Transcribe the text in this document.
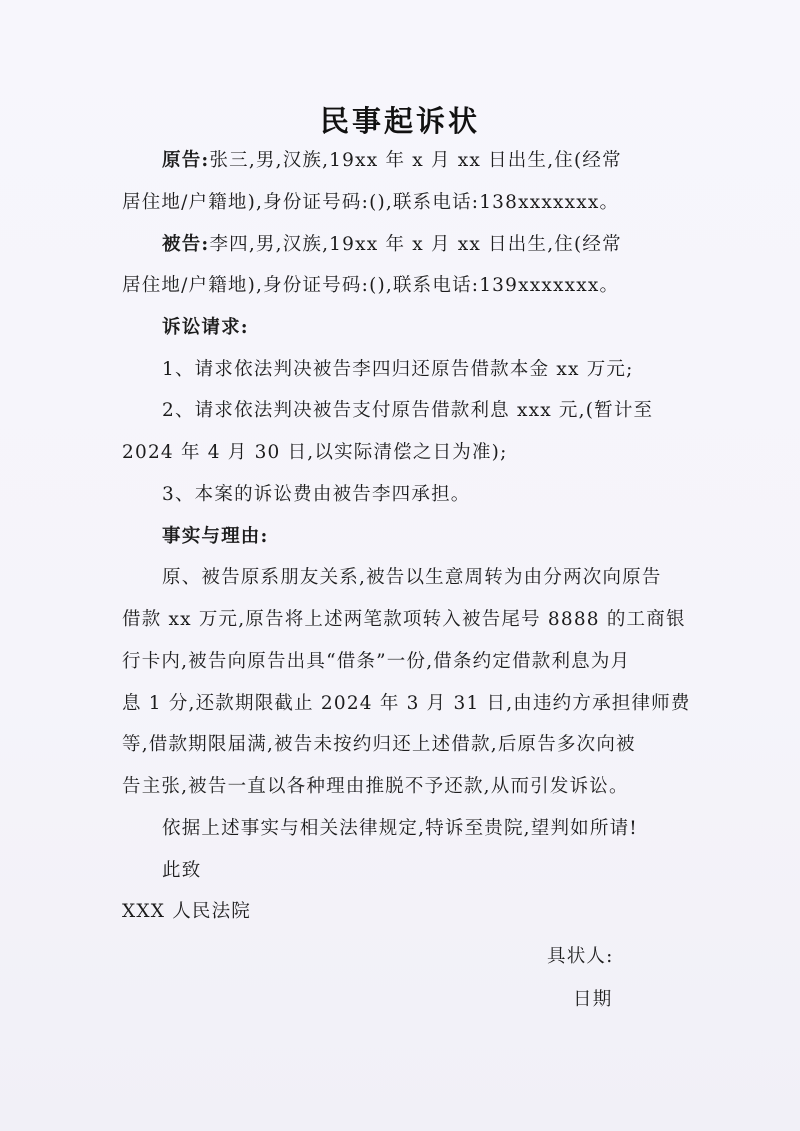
民事起诉状
原告:张三,男,汉族,19xx 年 x 月 xx 日出生,住(经常
居住地/户籍地),身份证号码:(),联系电话:138xxxxxxx。
被告:李四,男,汉族,19xx 年 x 月 xx 日出生,住(经常
居住地/户籍地),身份证号码:(),联系电话:139xxxxxxx。
诉讼请求:
1、请求依法判决被告李四归还原告借款本金 xx 万元;
2、请求依法判决被告支付原告借款利息 xxx 元,(暂计至
2024 年 4 月 30 日,以实际清偿之日为准);
3、本案的诉讼费由被告李四承担。
事实与理由:
原、被告原系朋友关系,被告以生意周转为由分两次向原告
借款 xx 万元,原告将上述两笔款项转入被告尾号 8888 的工商银
行卡内,被告向原告出具“借条”一份,借条约定借款利息为月
息 1 分,还款期限截止 2024 年 3 月 31 日,由违约方承担律师费
等,借款期限届满,被告未按约归还上述借款,后原告多次向被
告主张,被告一直以各种理由推脱不予还款,从而引发诉讼。
依据上述事实与相关法律规定,特诉至贵院,望判如所请!
此致
XXX 人民法院
具状人:
日期
